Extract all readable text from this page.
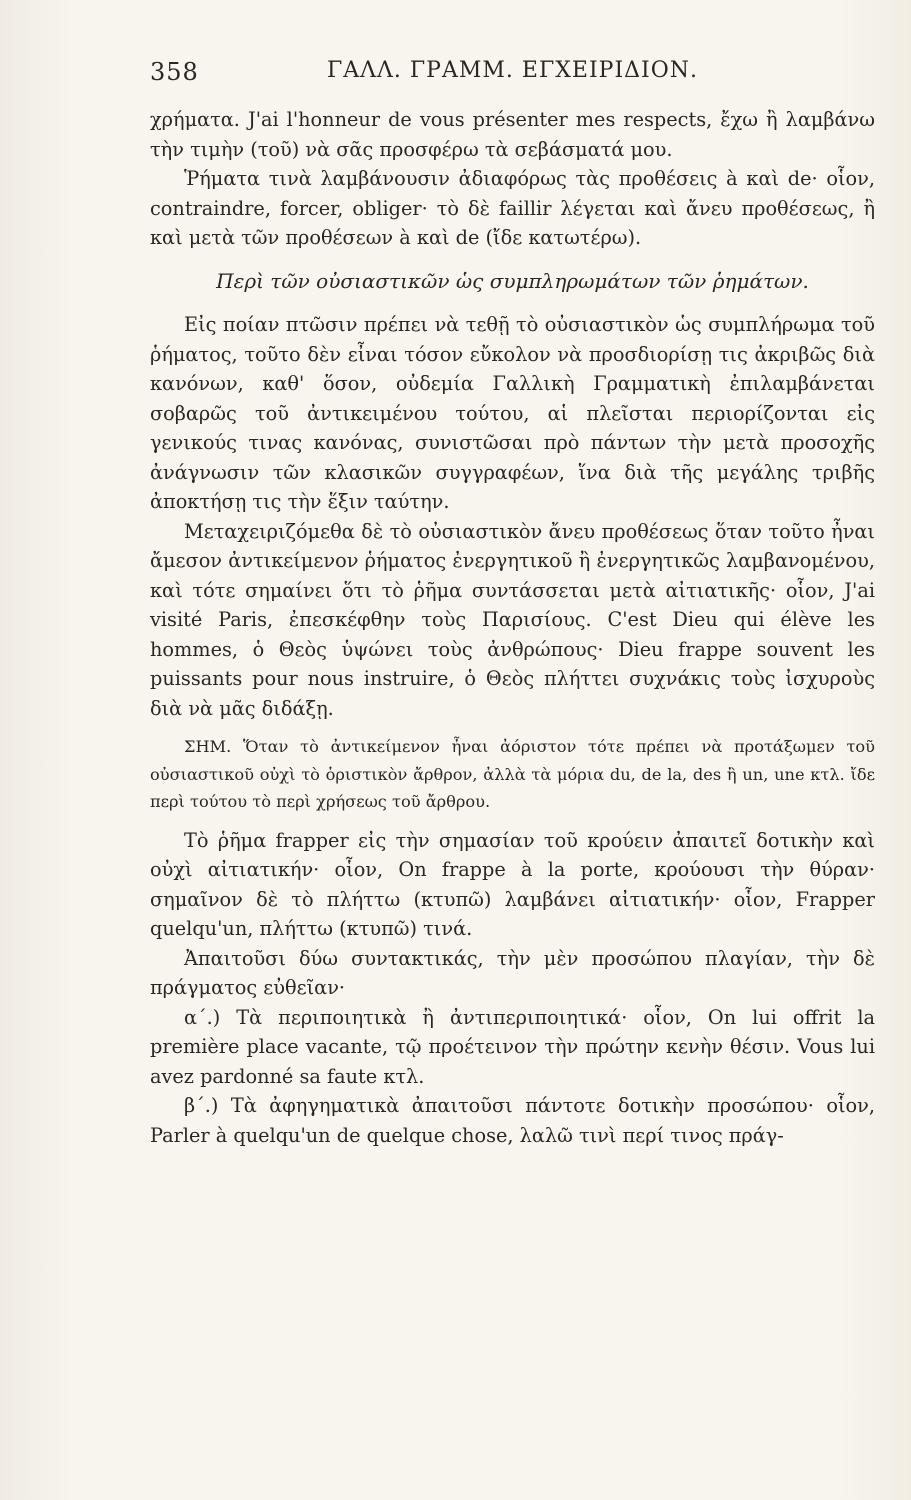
358	ΓΑΛΛ. ΓΡΑΜΜ. ΕΓΧΕΙΡΙΔΙΟΝ.

χρήματα. J'ai l'honneur de vous présenter mes respects, ἔχω ἢ λαμβάνω τὴν τιμὴν (τοῦ) νὰ σᾶς προσφέρω τὰ σεβάσματά μου.

Ῥήματα τινὰ λαμβάνουσιν ἀδιαφόρως τὰς προθέσεις à καὶ de· οἷον, contraindre, forcer, obliger· τὸ δὲ faillir λέγεται καὶ ἄνευ προθέσεως, ἢ καὶ μετὰ τῶν προθέσεων à καὶ de (ἴδε κατωτέρω).

Περὶ τῶν οὐσιαστικῶν ὡς συμπληρωμάτων τῶν ῥημάτων.

Εἰς ποίαν πτῶσιν πρέπει νὰ τεθῇ τὸ οὐσιαστικὸν ὡς συμπλήρωμα τοῦ ῥήματος, τοῦτο δὲν εἶναι τόσον εὔκολον νὰ προσδιορίσῃ τις ἀκριβῶς διὰ κανόνων, καθ' ὅσον, οὐδεμία Γαλλικὴ Γραμματικὴ ἐπιλαμβάνεται σοβαρῶς τοῦ ἀντικειμένου τούτου, αἱ πλεῖσται περιορίζονται εἰς γενικούς τινας κανόνας, συνιστῶσαι πρὸ πάντων τὴν μετὰ προσοχῆς ἀνάγνωσιν τῶν κλασικῶν συγγραφέων, ἵνα διὰ τῆς μεγάλης τριβῆς ἀποκτήσῃ τις τὴν ἕξιν ταύτην.

Μεταχειριζόμεθα δὲ τὸ οὐσιαστικὸν ἄνευ προθέσεως ὅταν τοῦτο ἦναι ἄμεσον ἀντικείμενον ῥήματος ἐνεργητικοῦ ἢ ἐνεργητικῶς λαμβανομένου, καὶ τότε σημαίνει ὅτι τὸ ῥῆμα συντάσσεται μετὰ αἰτιατικῆς· οἷον, J'ai visité Paris, ἐπεσκέφθην τοὺς Παρισίους. C'est Dieu qui élève les hommes, ὁ Θεὸς ὑψώνει τοὺς ἀνθρώπους· Dieu frappe souvent les puissants pour nous instruire, ὁ Θεὸς πλήττει συχνάκις τοὺς ἰσχυροὺς διὰ νὰ μᾶς διδάξῃ.

ΣΗΜ. Ὅταν τὸ ἀντικείμενον ἦναι ἀόριστον τότε πρέπει νὰ προτάξωμεν τοῦ οὐσιαστικοῦ οὐχὶ τὸ ὁριστικὸν ἄρθρον, ἀλλὰ τὰ μόρια du, de la, des ἢ un, une κτλ. ἴδε περὶ τούτου τὸ περὶ χρήσεως τοῦ ἄρθρου.

Τὸ ῥῆμα frapper εἰς τὴν σημασίαν τοῦ κρούειν ἀπαιτεῖ δοτικὴν καὶ οὐχὶ αἰτιατικήν· οἷον, On frappe à la porte, κρούουσι τὴν θύραν· σημαῖνον δὲ τὸ πλήττω (κτυπῶ) λαμβάνει αἰτιατικήν· οἷον, Frapper quelqu'un, πλήττω (κτυπῶ) τινά.

Ἀπαιτοῦσι δύω συντακτικάς, τὴν μὲν προσώπου πλαγίαν, τὴν δὲ πράγματος εὐθεῖαν·

α΄.) Τὰ περιποιητικὰ ἢ ἀντιπεριποιητικά· οἷον, On lui offrit la première place vacante, τῷ προέτεινον τὴν πρώτην κενὴν θέσιν. Vous lui avez pardonné sa faute κτλ.

β΄.) Τὰ ἀφηγηματικὰ ἀπαιτοῦσι πάντοτε δοτικὴν προσώπου· οἷον, Parler à quelqu'un de quelque chose, λαλῶ τινὶ περί τινος πράγ-
